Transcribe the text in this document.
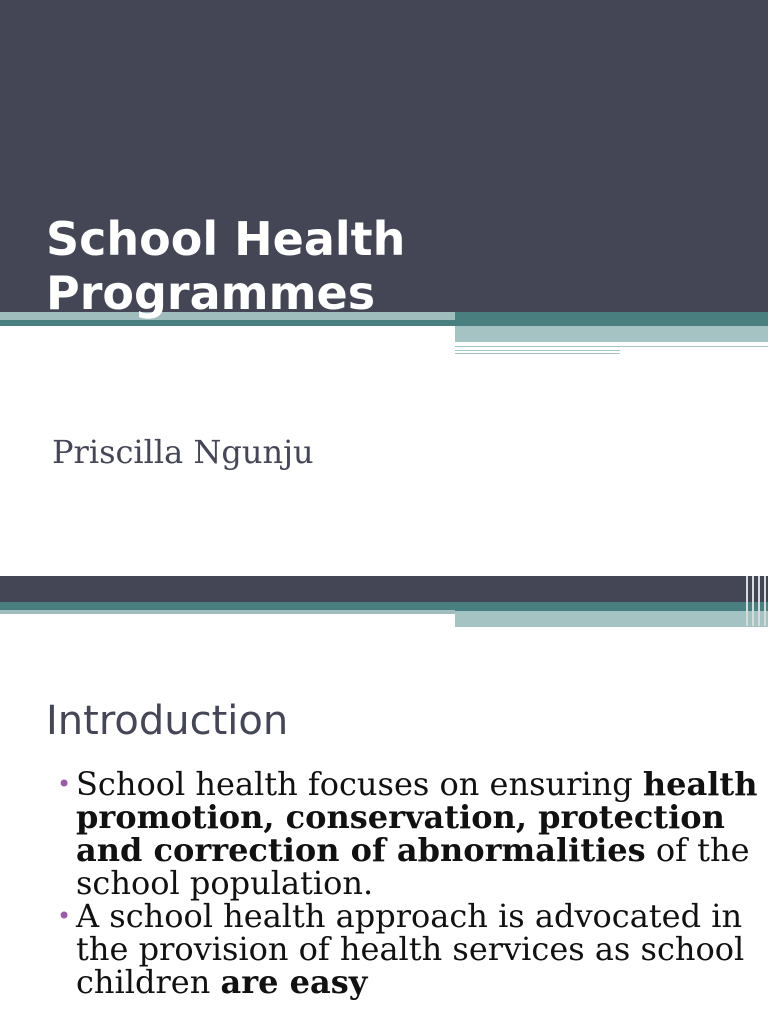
School Health
Programmes
Priscilla Ngunju
Introduction
• School health focuses on ensuring health promotion, conservation, protection and correction of abnormalities of the school population.
• A school health approach is advocated in the provision of health services as school children are easy
